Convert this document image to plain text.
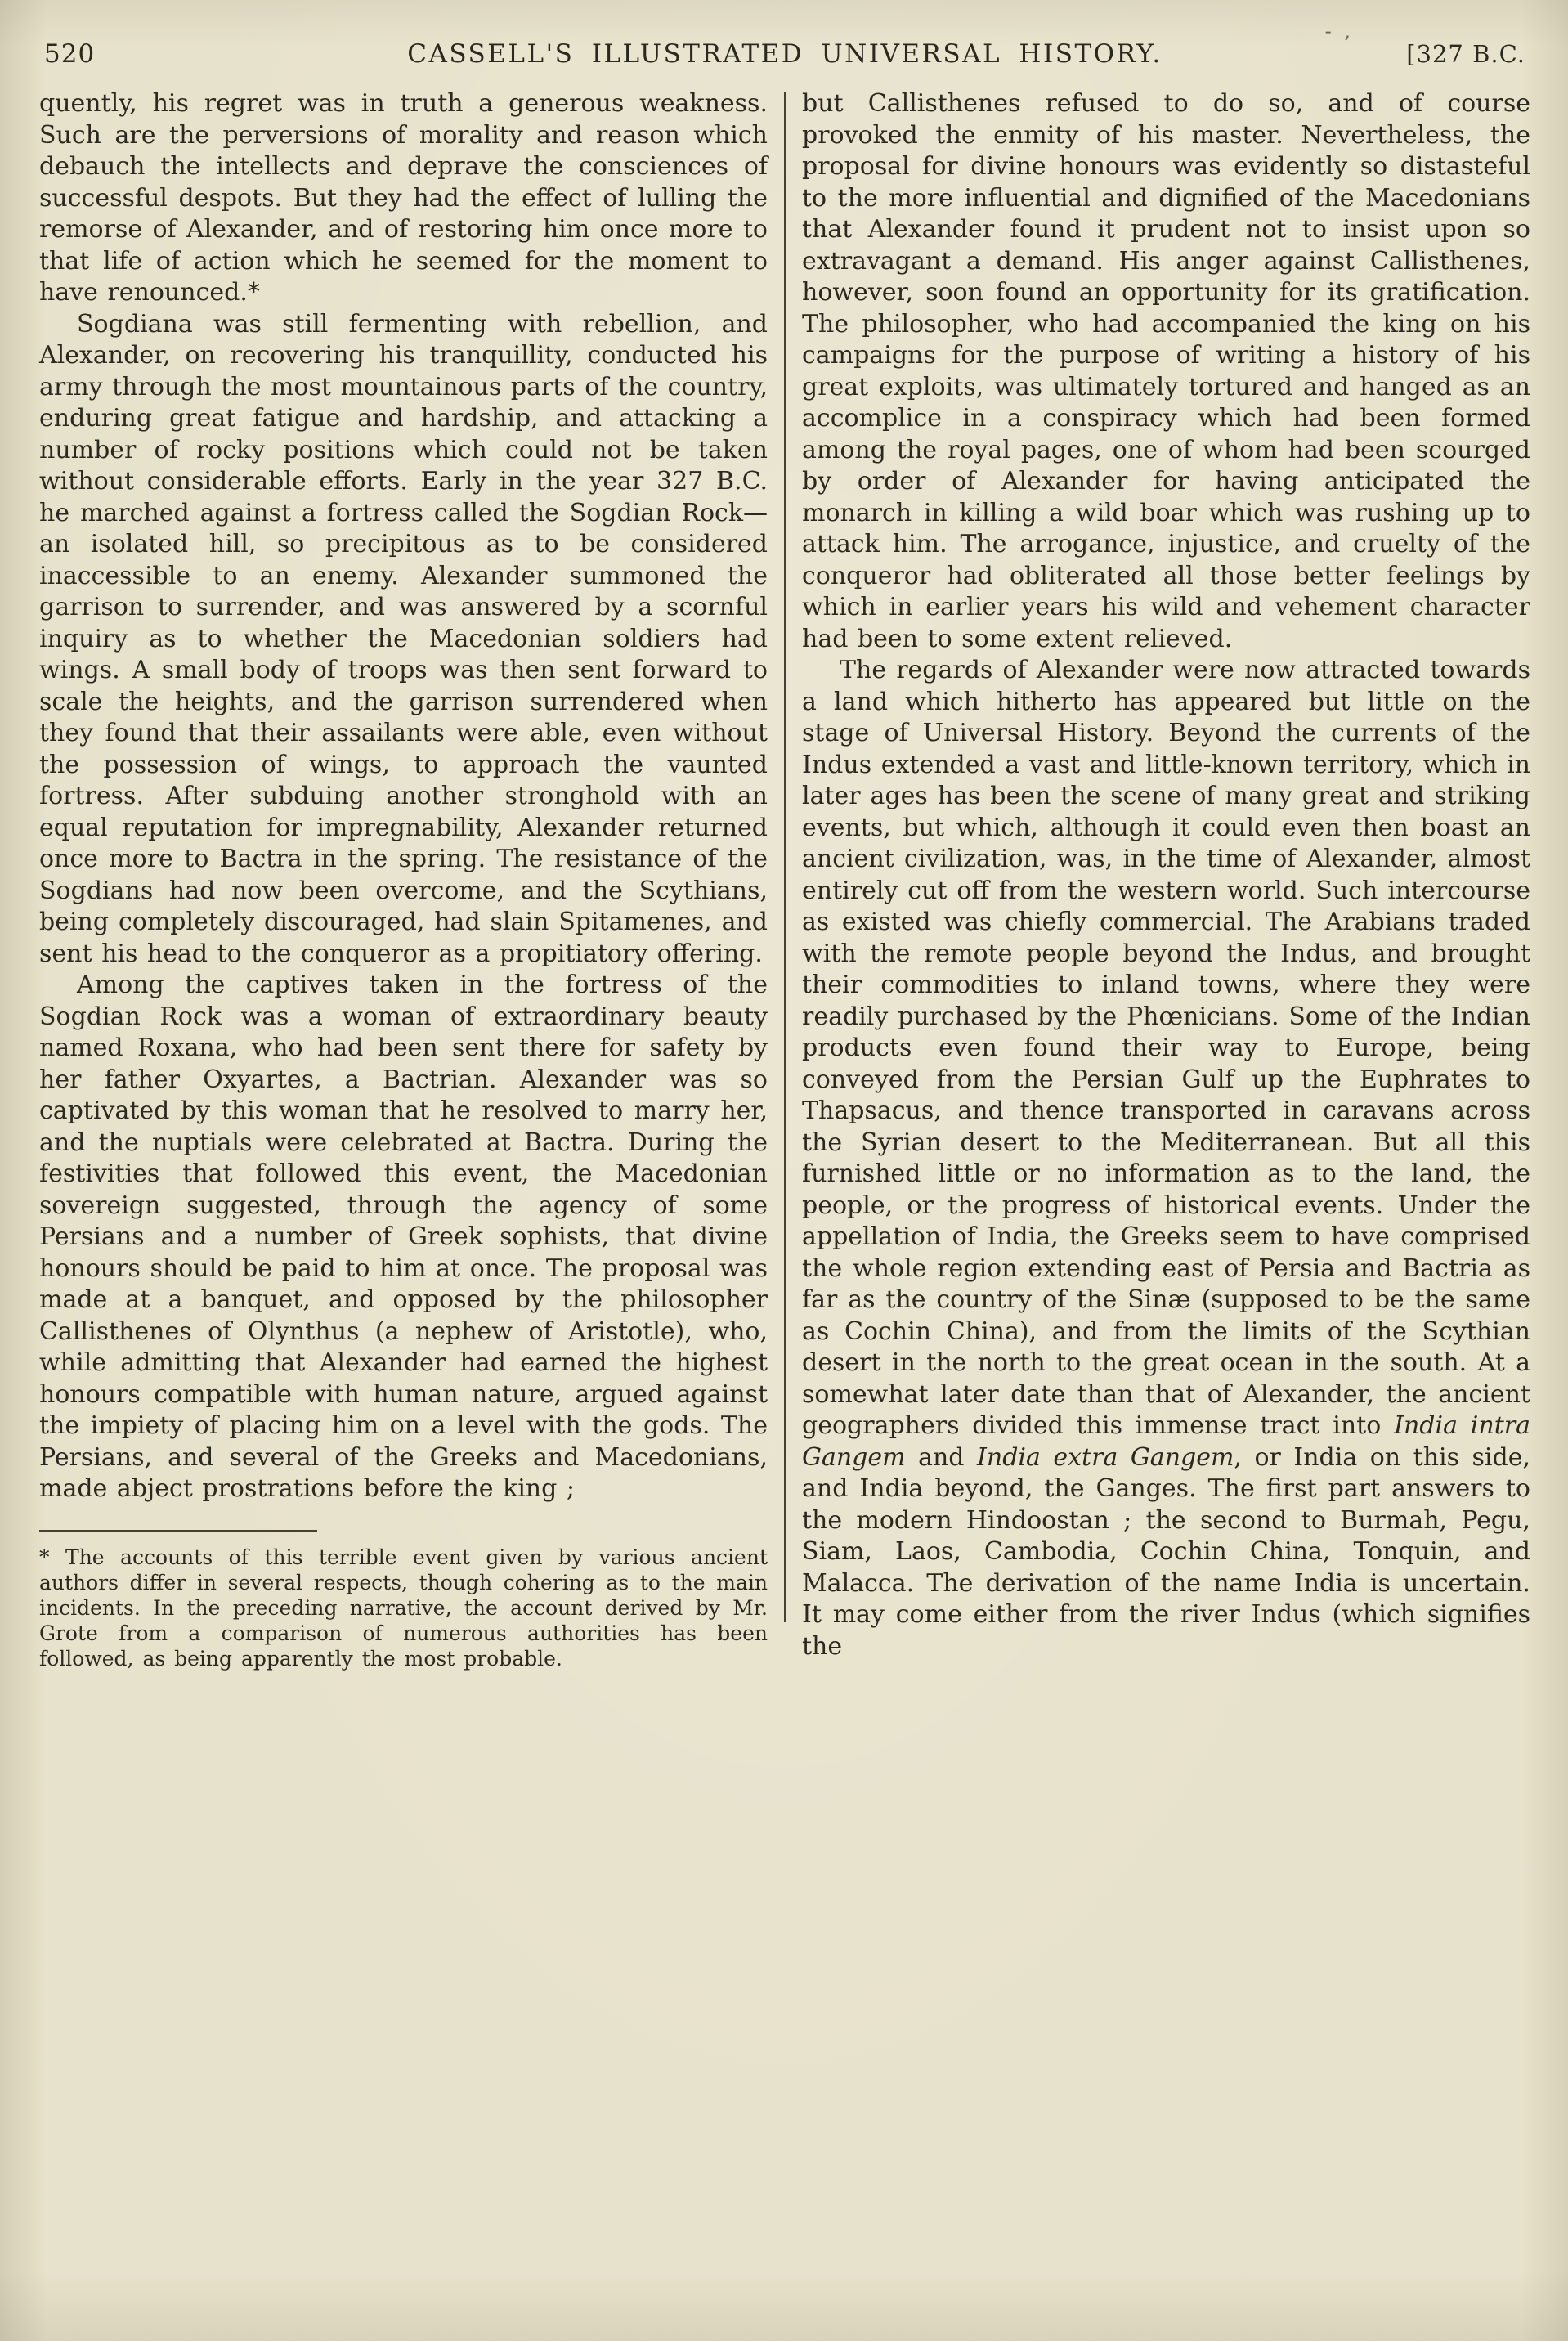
- ,
520	CASSELL'S ILLUSTRATED UNIVERSAL HISTORY.	[327 B.C.

quently, his regret was in truth a generous weakness. Such are the perversions of morality and reason which debauch the intellects and deprave the consciences of successful despots. But they had the effect of lulling the remorse of Alexander, and of restoring him once more to that life of action which he seemed for the moment to have renounced.*

Sogdiana was still fermenting with rebellion, and Alexander, on recovering his tranquillity, conducted his army through the most mountainous parts of the country, enduring great fatigue and hardship, and attacking a number of rocky positions which could not be taken without considerable efforts. Early in the year 327 B.C. he marched against a fortress called the Sogdian Rock—an isolated hill, so precipitous as to be considered inaccessible to an enemy. Alexander summoned the garrison to surrender, and was answered by a scornful inquiry as to whether the Macedonian soldiers had wings. A small body of troops was then sent forward to scale the heights, and the garrison surrendered when they found that their assailants were able, even without the possession of wings, to approach the vaunted fortress. After subduing another stronghold with an equal reputation for impregnability, Alexander returned once more to Bactra in the spring. The resistance of the Sogdians had now been overcome, and the Scythians, being completely discouraged, had slain Spitamenes, and sent his head to the conqueror as a propitiatory offering.

Among the captives taken in the fortress of the Sogdian Rock was a woman of extraordinary beauty named Roxana, who had been sent there for safety by her father Oxyartes, a Bactrian. Alexander was so captivated by this woman that he resolved to marry her, and the nuptials were celebrated at Bactra. During the festivities that followed this event, the Macedonian sovereign suggested, through the agency of some Persians and a number of Greek sophists, that divine honours should be paid to him at once. The proposal was made at a banquet, and opposed by the philosopher Callisthenes of Olynthus (a nephew of Aristotle), who, while admitting that Alexander had earned the highest honours compatible with human nature, argued against the impiety of placing him on a level with the gods. The Persians, and several of the Greeks and Macedonians, made abject prostrations before the king ;

* The accounts of this terrible event given by various ancient authors differ in several respects, though cohering as to the main incidents. In the preceding narrative, the account derived by Mr. Grote from a comparison of numerous authorities has been followed, as being apparently the most probable.

but Callisthenes refused to do so, and of course provoked the enmity of his master. Nevertheless, the proposal for divine honours was evidently so distasteful to the more influential and dignified of the Macedonians that Alexander found it prudent not to insist upon so extravagant a demand. His anger against Callisthenes, however, soon found an opportunity for its gratification. The philosopher, who had accompanied the king on his campaigns for the purpose of writing a history of his great exploits, was ultimately tortured and hanged as an accomplice in a conspiracy which had been formed among the royal pages, one of whom had been scourged by order of Alexander for having anticipated the monarch in killing a wild boar which was rushing up to attack him. The arrogance, injustice, and cruelty of the conqueror had obliterated all those better feelings by which in earlier years his wild and vehement character had been to some extent relieved.

The regards of Alexander were now attracted towards a land which hitherto has appeared but little on the stage of Universal History. Beyond the currents of the Indus extended a vast and little-known territory, which in later ages has been the scene of many great and striking events, but which, although it could even then boast an ancient civilization, was, in the time of Alexander, almost entirely cut off from the western world. Such intercourse as existed was chiefly commercial. The Arabians traded with the remote people beyond the Indus, and brought their commodities to inland towns, where they were readily purchased by the Phœnicians. Some of the Indian products even found their way to Europe, being conveyed from the Persian Gulf up the Euphrates to Thapsacus, and thence transported in caravans across the Syrian desert to the Mediterranean. But all this furnished little or no information as to the land, the people, or the progress of historical events. Under the appellation of India, the Greeks seem to have comprised the whole region extending east of Persia and Bactria as far as the country of the Sinæ (supposed to be the same as Cochin China), and from the limits of the Scythian desert in the north to the great ocean in the south. At a somewhat later date than that of Alexander, the ancient geographers divided this immense tract into India intra Gangem and India extra Gangem, or India on this side, and India beyond, the Ganges. The first part answers to the modern Hindoostan ; the second to Burmah, Pegu, Siam, Laos, Cambodia, Cochin China, Tonquin, and Malacca. The derivation of the name India is uncertain. It may come either from the river Indus (which signifies the
